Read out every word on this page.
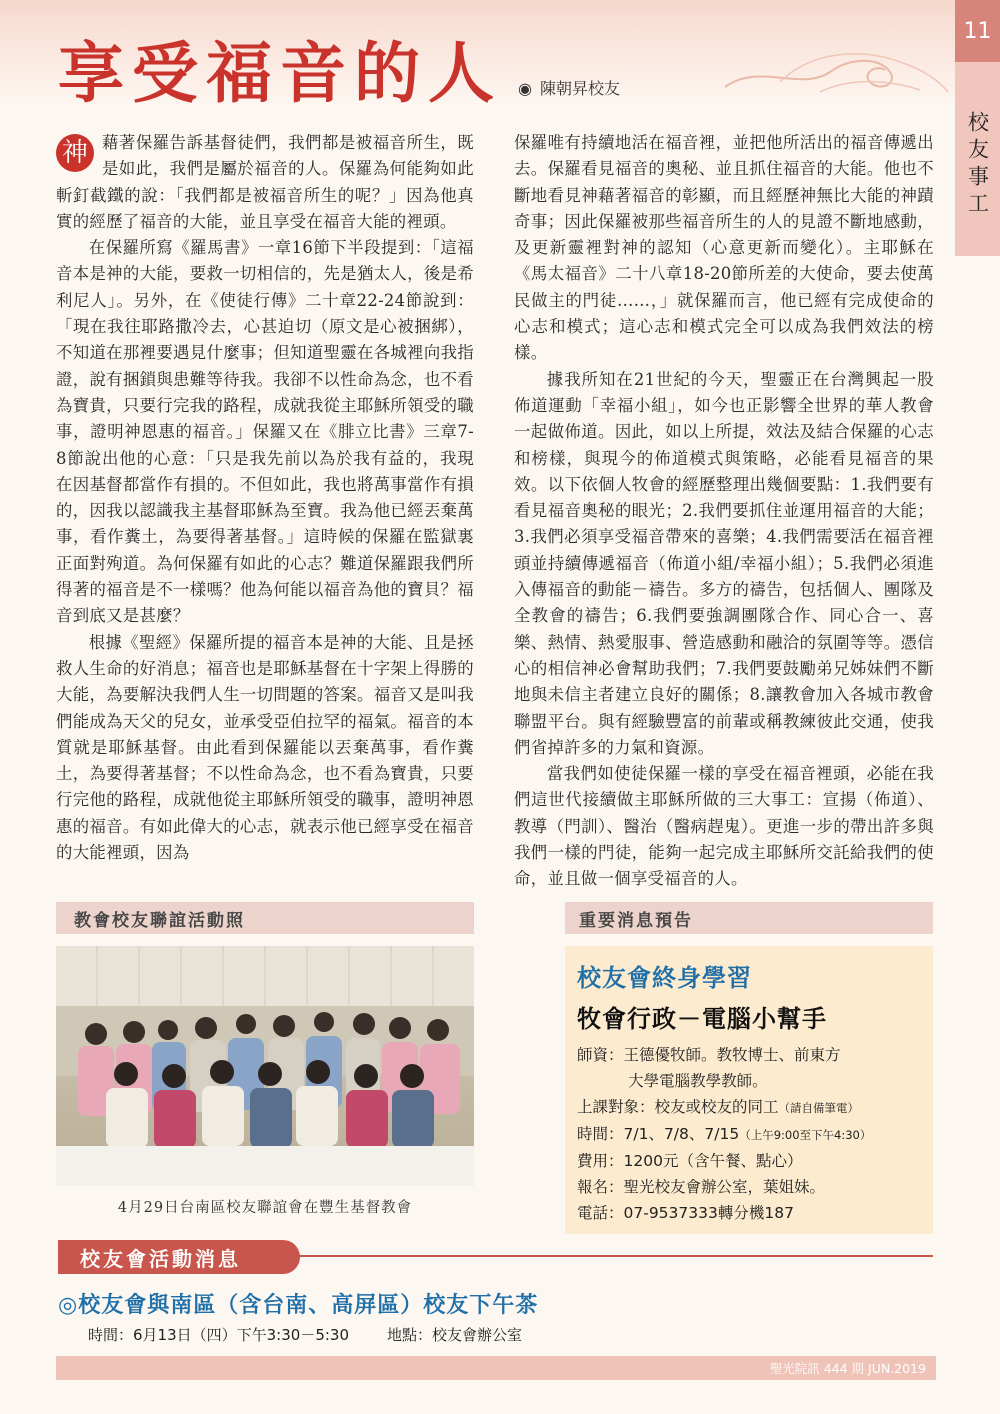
11
校友事工
享受福音的人 ◉ 陳朝昇校友

神 藉著保羅告訴基督徒們，我們都是被福音所生，既是如此，我們是屬於福音的人。保羅為何能夠如此斬釘截鐵的說：「我們都是被福音所生的呢？」因為他真實的經歷了福音的大能，並且享受在福音大能的裡頭。

在保羅所寫《羅馬書》一章16節下半段提到：「這福音本是神的大能，要救一切相信的，先是猶太人，後是希利尼人」。另外，在《使徒行傳》二十章22-24節說到：「現在我往耶路撒冷去，心甚迫切（原文是心被捆綁），不知道在那裡要遇見什麼事；但知道聖靈在各城裡向我指證，說有捆鎖與患難等待我。我卻不以性命為念，也不看為寶貴，只要行完我的路程，成就我從主耶穌所領受的職事，證明神恩惠的福音。」保羅又在《腓立比書》三章7-8節說出他的心意：「只是我先前以為於我有益的，我現在因基督都當作有損的。不但如此，我也將萬事當作有損的，因我以認識我主基督耶穌為至寶。我為他已經丟棄萬事，看作糞土，為要得著基督。」這時候的保羅在監獄裏正面對殉道。為何保羅有如此的心志？難道保羅跟我們所得著的福音是不一樣嗎？他為何能以福音為他的寶貝？福音到底又是甚麼？

根據《聖經》保羅所提的福音本是神的大能、且是拯救人生命的好消息；福音也是耶穌基督在十字架上得勝的大能，為要解決我們人生一切問題的答案。福音又是叫我們能成為天父的兒女，並承受亞伯拉罕的福氣。福音的本質就是耶穌基督。由此看到保羅能以丟棄萬事，看作糞土，為要得著基督；不以性命為念，也不看為寶貴，只要行完他的路程，成就他從主耶穌所領受的職事，證明神恩惠的福音。有如此偉大的心志，就表示他已經享受在福音的大能裡頭，因為

保羅唯有持續地活在福音裡，並把他所活出的福音傳遞出去。保羅看見福音的奧秘、並且抓住福音的大能。他也不斷地看見神藉著福音的彰顯，而且經歷神無比大能的神蹟奇事；因此保羅被那些福音所生的人的見證不斷地感動，及更新靈裡對神的認知（心意更新而變化）。主耶穌在《馬太福音》二十八章18-20節所差的大使命，要去使萬民做主的門徒……，」就保羅而言，他已經有完成使命的心志和模式；這心志和模式完全可以成為我們效法的榜樣。

據我所知在21世紀的今天，聖靈正在台灣興起一股佈道運動「幸福小組」，如今也正影響全世界的華人教會一起做佈道。因此，如以上所提，效法及結合保羅的心志和榜樣，與現今的佈道模式與策略，必能看見福音的果效。以下依個人牧會的經歷整理出幾個要點：1.我們要有看見福音奧秘的眼光；2.我們要抓住並運用福音的大能；3.我們必須享受福音帶來的喜樂；4.我們需要活在福音裡頭並持續傳遞福音（佈道小組/幸福小組）；5.我們必須進入傳福音的動能－禱告。多方的禱告，包括個人、團隊及全教會的禱告；6.我們要強調團隊合作、同心合一、喜樂、熱情、熱愛服事、營造感動和融洽的氛圍等等。憑信心的相信神必會幫助我們；7.我們要鼓勵弟兄姊妹們不斷地與未信主者建立良好的關係；8.讓教會加入各城市教會聯盟平台。與有經驗豐富的前輩或稱教練彼此交通，使我們省掉許多的力氣和資源。

當我們如使徒保羅一樣的享受在福音裡頭，必能在我們這世代接續做主耶穌所做的三大事工：宣揚（佈道）、教導（門訓）、醫治（醫病趕鬼）。更進一步的帶出許多與我們一樣的門徒，能夠一起完成主耶穌所交託給我們的使命，並且做一個享受福音的人。

教會校友聯誼活動照	重要消息預告
4月29日台南區校友聯誼會在豐生基督教會
校友會終身學習
牧會行政－電腦小幫手
師資：王德優牧師。教牧博士、前東方
大學電腦教學教師。
上課對象：校友或校友的同工（請自備筆電）
時間：7/1、7/8、7/15（上午9:00至下午4:30）
費用：1200元（含午餐、點心）
報名：聖光校友會辦公室，葉姐妹。
電話：07-9537333轉分機187
校友會活動消息
◎校友會與南區（含台南、高屏區）校友下午茶
時間：6月13日（四）下午3:30－5:30	地點：校友會辦公室
聖光院訊 444 期 JUN.2019
